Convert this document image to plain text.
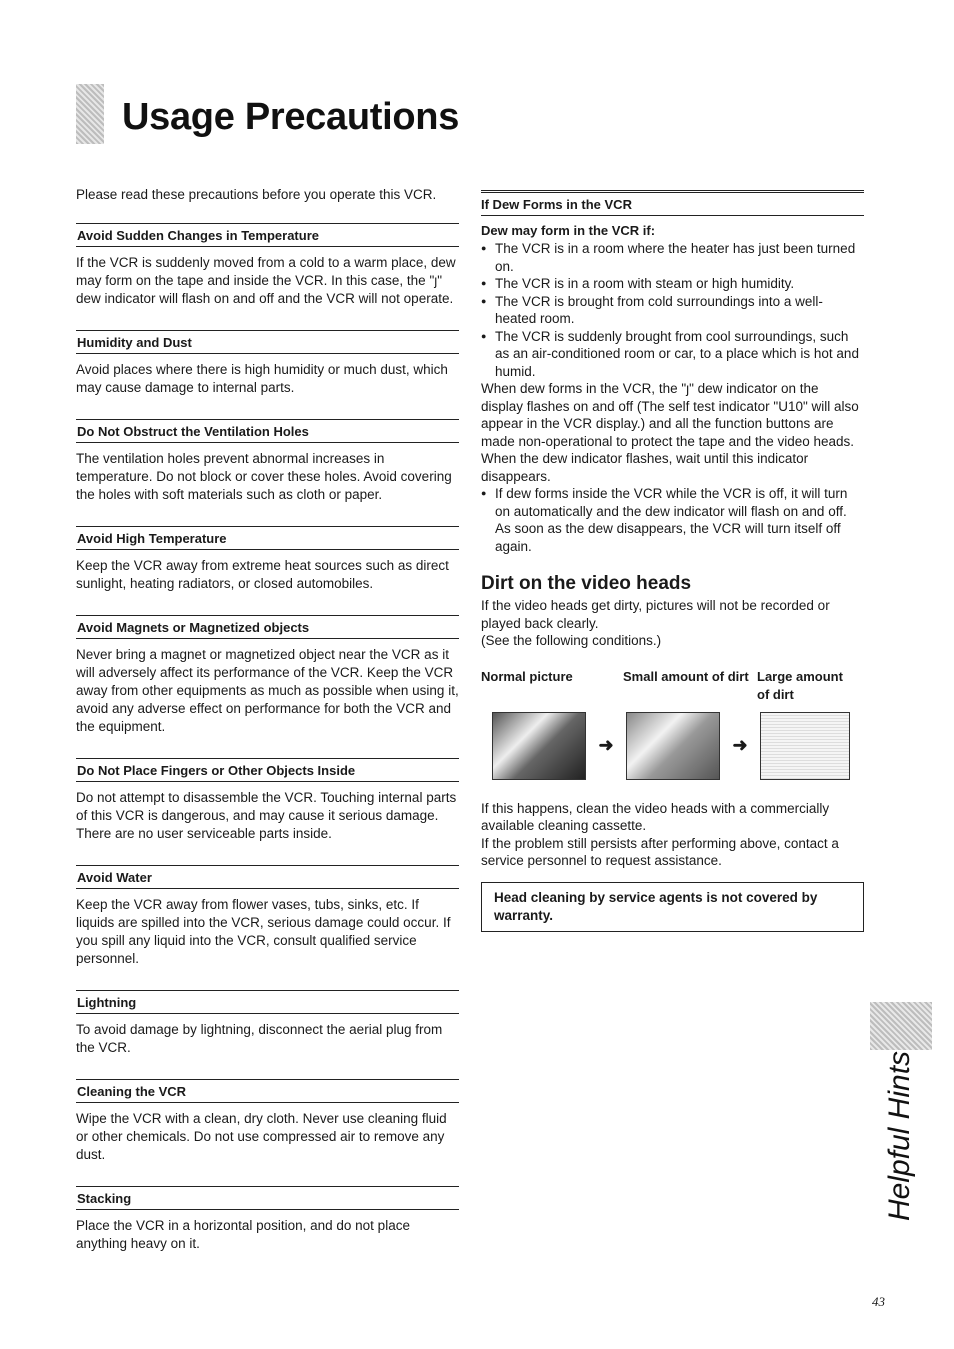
Usage Precautions

Please read these precautions before you operate this VCR.

Avoid Sudden Changes in Temperature

If the VCR is suddenly moved from a cold to a warm place, dew may form on the tape and inside the VCR. In this case, the "ȷ" dew indicator will flash on and off and the VCR will not operate.

Humidity and Dust

Avoid places where there is high humidity or much dust, which may cause damage to internal parts.

Do Not Obstruct the Ventilation Holes

The ventilation holes prevent abnormal increases in temperature. Do not block or cover these holes. Avoid covering the holes with soft materials such as cloth or paper.

Avoid High Temperature

Keep the VCR away from extreme heat sources such as direct sunlight, heating radiators, or closed automobiles.

Avoid Magnets or Magnetized objects

Never bring a magnet or magnetized object near the VCR as it will adversely affect its performance of the VCR. Keep the VCR away from other equipments as much as possible when using it, avoid any adverse effect on performance for both the VCR and the equipment.

Do Not Place Fingers or Other Objects Inside

Do not attempt to disassemble the VCR. Touching internal parts of this VCR is dangerous, and may cause it serious damage. There are no user serviceable parts inside.

Avoid Water

Keep the VCR away from flower vases, tubs, sinks, etc. If liquids are spilled into the VCR, serious damage could occur. If you spill any liquid into the VCR, consult qualified service personnel.

Lightning

To avoid damage by lightning, disconnect the aerial plug from the VCR.

Cleaning the VCR

Wipe the VCR with a clean, dry cloth. Never use cleaning fluid or other chemicals. Do not use compressed air to remove any dust.

Stacking

Place the VCR in a horizontal position, and do not place anything heavy on it.

If Dew Forms in the VCR

Dew may form in the VCR if:

● The VCR is in a room where the heater has just been turned on.
● The VCR is in a room with steam or high humidity.
● The VCR is brought from cold surroundings into a well-heated room.
● The VCR is suddenly brought from cool surroundings, such as an air-conditioned room or car, to a place which is hot and humid.

When dew forms in the VCR, the "ȷ" dew indicator on the display flashes on and off (The self test indicator "U10" will also appear in the VCR display.) and all the function buttons are made non-operational to protect the tape and the video heads. When the dew indicator flashes, wait until this indicator disappears.

● If dew forms inside the VCR while the VCR is off, it will turn on automatically and the dew indicator will flash on and off. As soon as the dew disappears, the VCR will turn itself off again.
Dirt on the video heads

If the video heads get dirty, pictures will not be recorded or played back clearly.

(See the following conditions.)

Normal picture	Small amount of dirt Large amount of dirt
➜	➜

If this happens, clean the video heads with a commercially available cleaning cassette.

If the problem still persists after performing above, contact a service personnel to request assistance.

Head cleaning by service agents is not covered by warranty.
Helpful Hints
43
